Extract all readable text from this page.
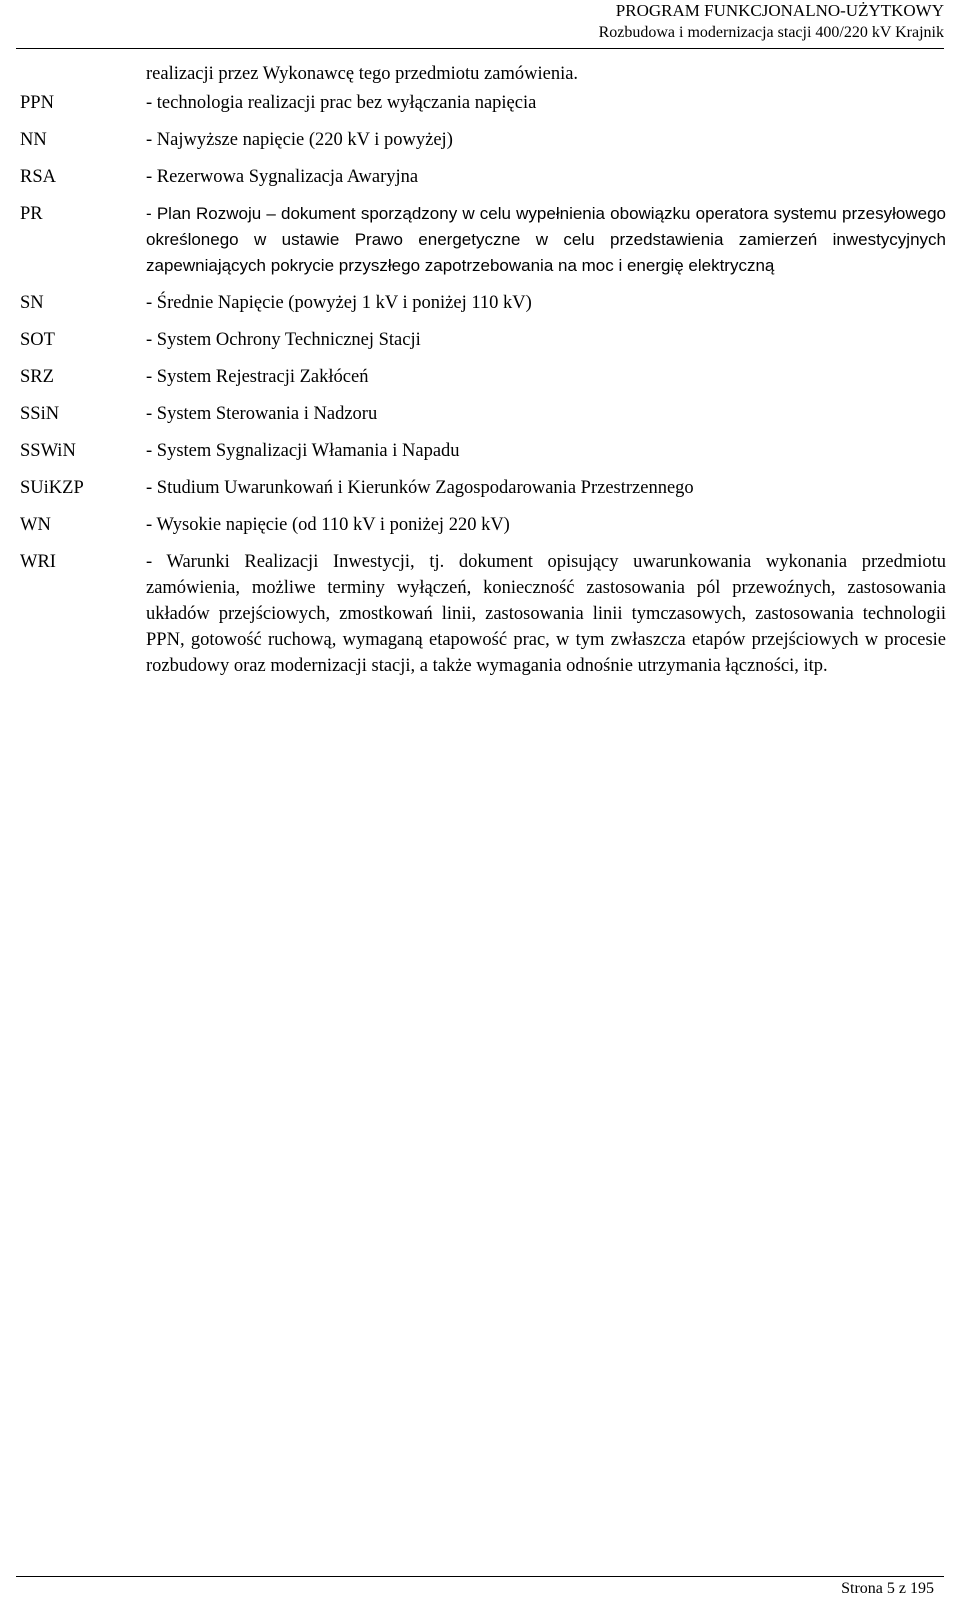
PROGRAM FUNKCJONALNO-UŻYTKOWY
Rozbudowa i modernizacja stacji 400/220 kV Krajnik
realizacji przez Wykonawcę tego przedmiotu zamówienia.
PPN	- technologia realizacji prac bez wyłączania napięcia
NN	- Najwyższe napięcie (220 kV i powyżej)
RSA	- Rezerwowa Sygnalizacja Awaryjna
PR	- Plan Rozwoju – dokument sporządzony w celu wypełnienia obowiązku operatora systemu przesyłowego określonego w ustawie Prawo energetyczne w celu przedstawienia zamierzeń inwestycyjnych zapewniających pokrycie przyszłego zapotrzebowania na moc i energię elektryczną
SN	- Średnie Napięcie (powyżej 1 kV i poniżej 110 kV)
SOT	- System Ochrony Technicznej Stacji
SRZ	- System Rejestracji Zakłóceń
SSiN	- System Sterowania i Nadzoru
SSWiN	- System Sygnalizacji Włamania i Napadu
SUiKZP	- Studium Uwarunkowań i Kierunków Zagospodarowania Przestrzennego
WN	- Wysokie napięcie (od 110 kV i poniżej 220 kV)
WRI	- Warunki Realizacji Inwestycji, tj. dokument opisujący uwarunkowania wykonania przedmiotu zamówienia, możliwe terminy wyłączeń, konieczność zastosowania pól przewoźnych, zastosowania układów przejściowych, zmostkowań linii, zastosowania linii tymczasowych, zastosowania technologii PPN, gotowość ruchową, wymaganą etapowość prac, w tym zwłaszcza etapów przejściowych w procesie rozbudowy oraz modernizacji stacji, a także wymagania odnośnie utrzymania łączności, itp.
Strona 5 z 195
